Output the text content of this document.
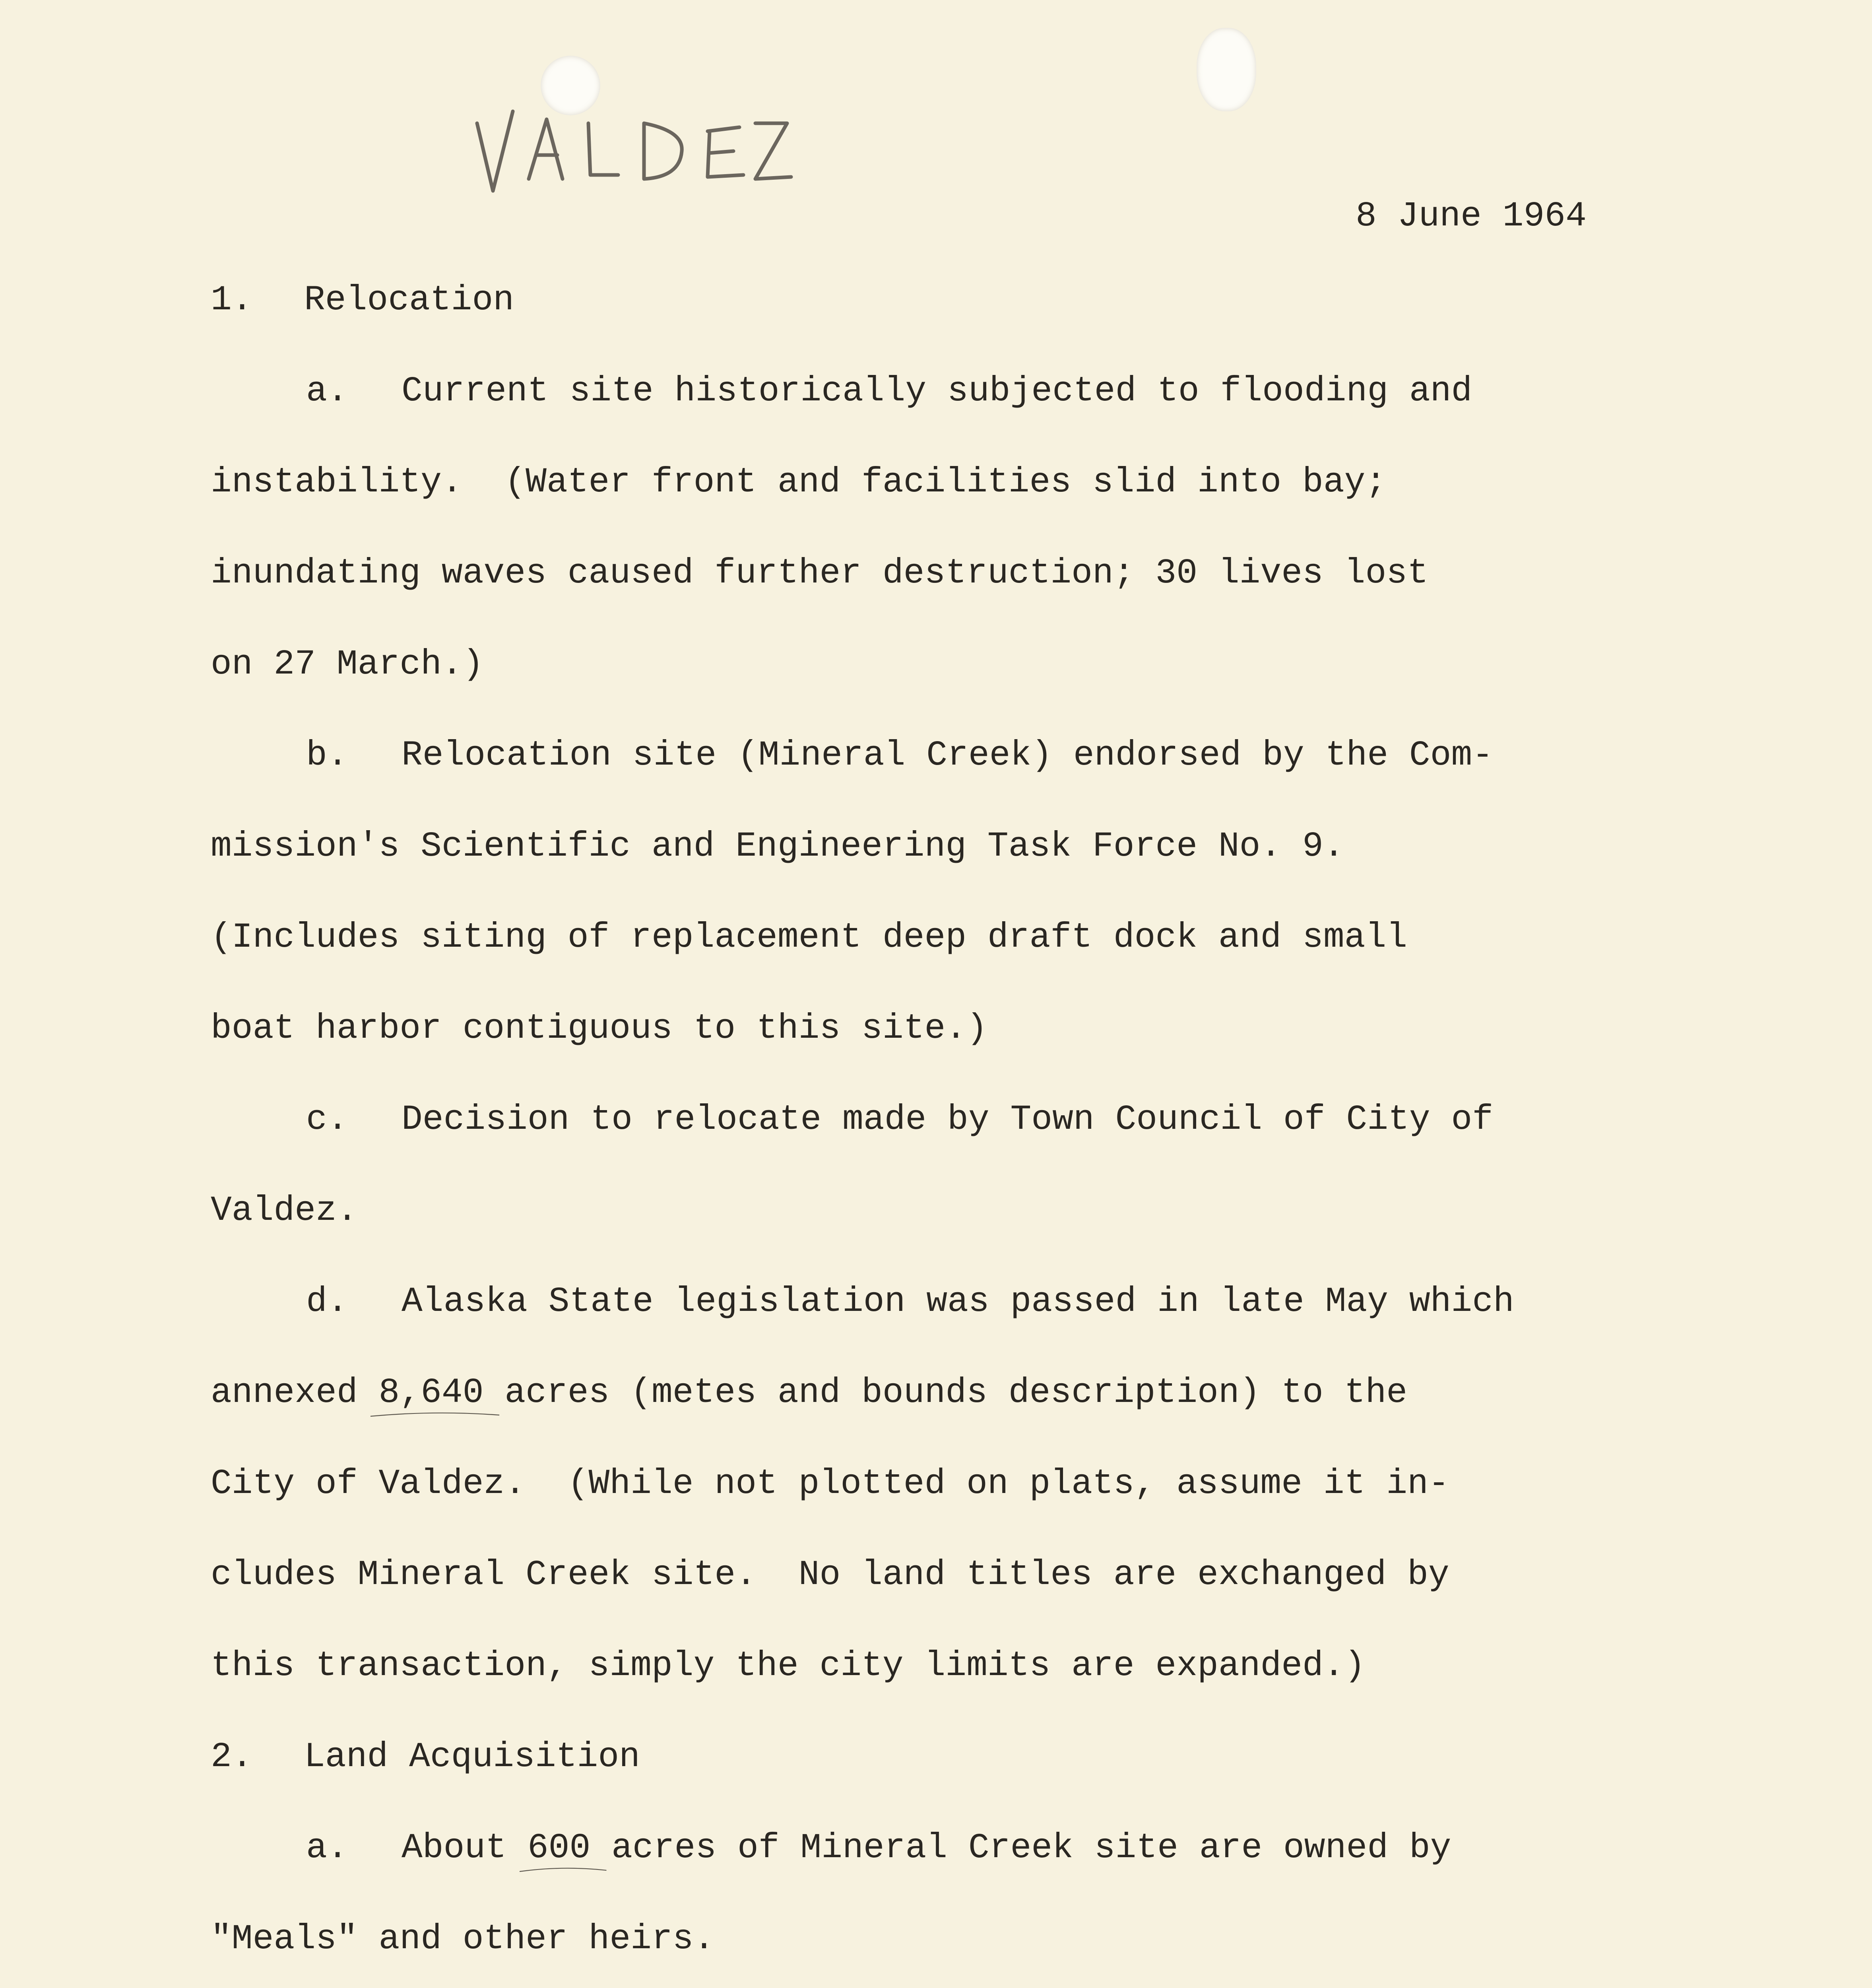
8 June 1964
1. Relocation
a. Current site historically subjected to flooding and
instability.  (Water front and facilities slid into bay;
inundating waves caused further destruction; 30 lives lost
on 27 March.)
b. Relocation site (Mineral Creek) endorsed by the Com-
mission's Scientific and Engineering Task Force No. 9.
(Includes siting of replacement deep draft dock and small
boat harbor contiguous to this site.)
c. Decision to relocate made by Town Council of City of
Valdez.
d. Alaska State legislation was passed in late May which
annexed 8,640
acres (metes and bounds description) to the
City of Valdez.  (While not plotted on plats, assume it in-
cludes Mineral Creek site.  No land titles are exchanged by
this transaction, simply the city limits are expanded.)
2. Land Acquisition
a. About 600
acres of Mineral Creek site are owned by
"Meals" and other heirs.
